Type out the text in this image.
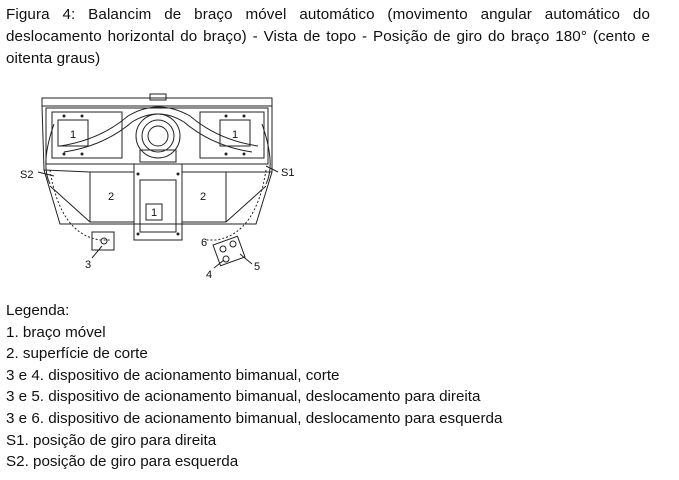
Figura 4: Balancim de braço móvel automático (movimento angular automático do deslocamento horizontal do braço) - Vista de topo - Posição de giro do braço 180° (cento e oitenta graus)
1	1
1
2	2
3
4
5
6
S1
S2
Legenda:
1. braço móvel
2. superfície de corte
3 e 4. dispositivo de acionamento bimanual, corte
3 e 5. dispositivo de acionamento bimanual, deslocamento para direita
3 e 6. dispositivo de acionamento bimanual, deslocamento para esquerda
S1. posição de giro para direita
S2. posição de giro para esquerda
